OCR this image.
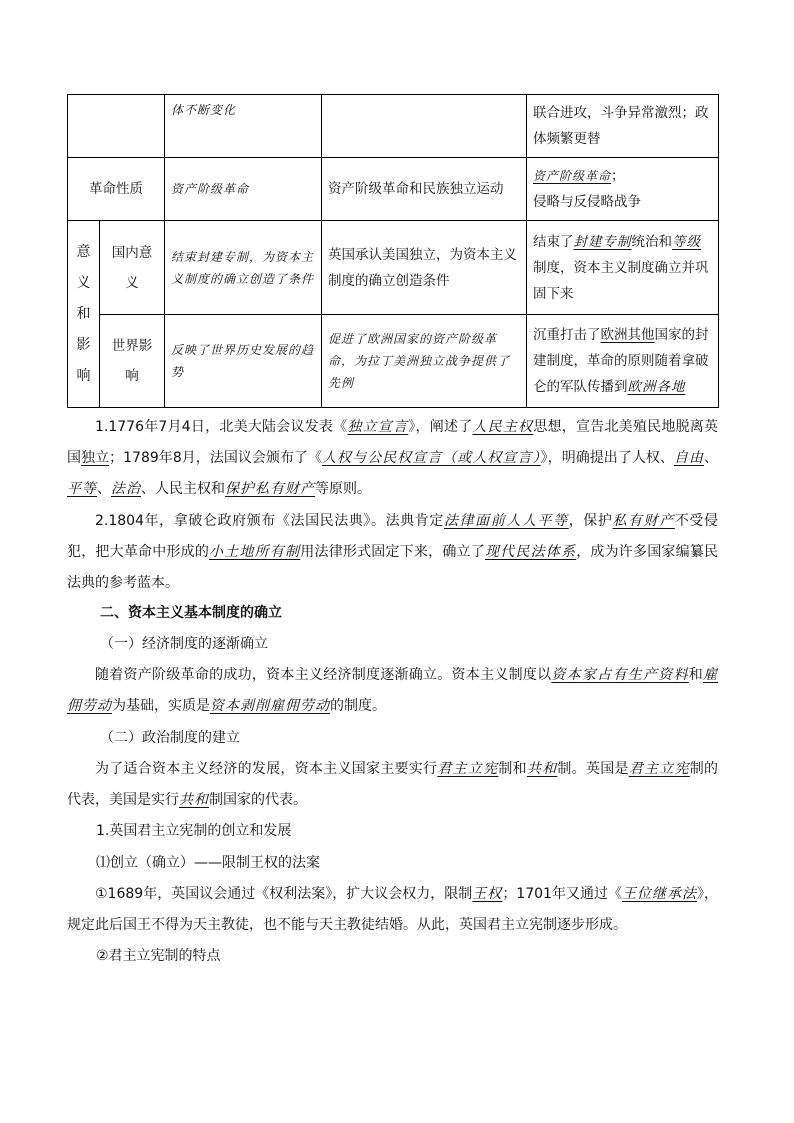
		体不断变化		联合进攻，斗争异常激烈；政体频繁更替
革命性质		资产阶级革命	资产阶级革命和民族独立运动	资产阶级革命；
侵略与反侵略战争

意
义
和
影
响	国内意义	结束封建专制，为资本主义制度的确立创造了条件	英国承认美国独立，为资本主义制度的确立创造条件	结束了封建专制统治和等级制度，资本主义制度确立并巩固下来
	世界影响	反映了世界历史发展的趋势	促进了欧洲国家的资产阶级革命，为拉丁美洲独立战争提供了先例	沉重打击了欧洲其他国家的封建制度，革命的原则随着拿破仑的军队传播到欧洲各地

1.1776年7月4日，北美大陆会议发表《独立宣言》，阐述了人民主权思想，宣告北美殖民地脱离英国独立；1789年8月，法国议会颁布了《人权与公民权宣言（或人权宣言）》，明确提出了人权、自由、平等、法治、人民主权和保护私有财产等原则。

2.1804年，拿破仑政府颁布《法国民法典》。法典肯定法律面前人人平等，保护私有财产不受侵犯，把大革命中形成的小土地所有制用法律形式固定下来，确立了现代民法体系，成为许多国家编纂民法典的参考蓝本。

二、资本主义基本制度的确立

（一）经济制度的逐渐确立

随着资产阶级革命的成功，资本主义经济制度逐渐确立。资本主义制度以资本家占有生产资料和雇佣劳动为基础，实质是资本剥削雇佣劳动的制度。

（二）政治制度的建立

为了适合资本主义经济的发展，资本主义国家主要实行君主立宪制和共和制。英国是君主立宪制的代表，美国是实行共和制国家的代表。

1.英国君主立宪制的创立和发展

⑴创立（确立）——限制王权的法案

①1689年，英国议会通过《权利法案》，扩大议会权力，限制王权；1701年又通过《王位继承法》，规定此后国王不得为天主教徒，也不能与天主教徒结婚。从此，英国君主立宪制逐步形成。

②君主立宪制的特点
